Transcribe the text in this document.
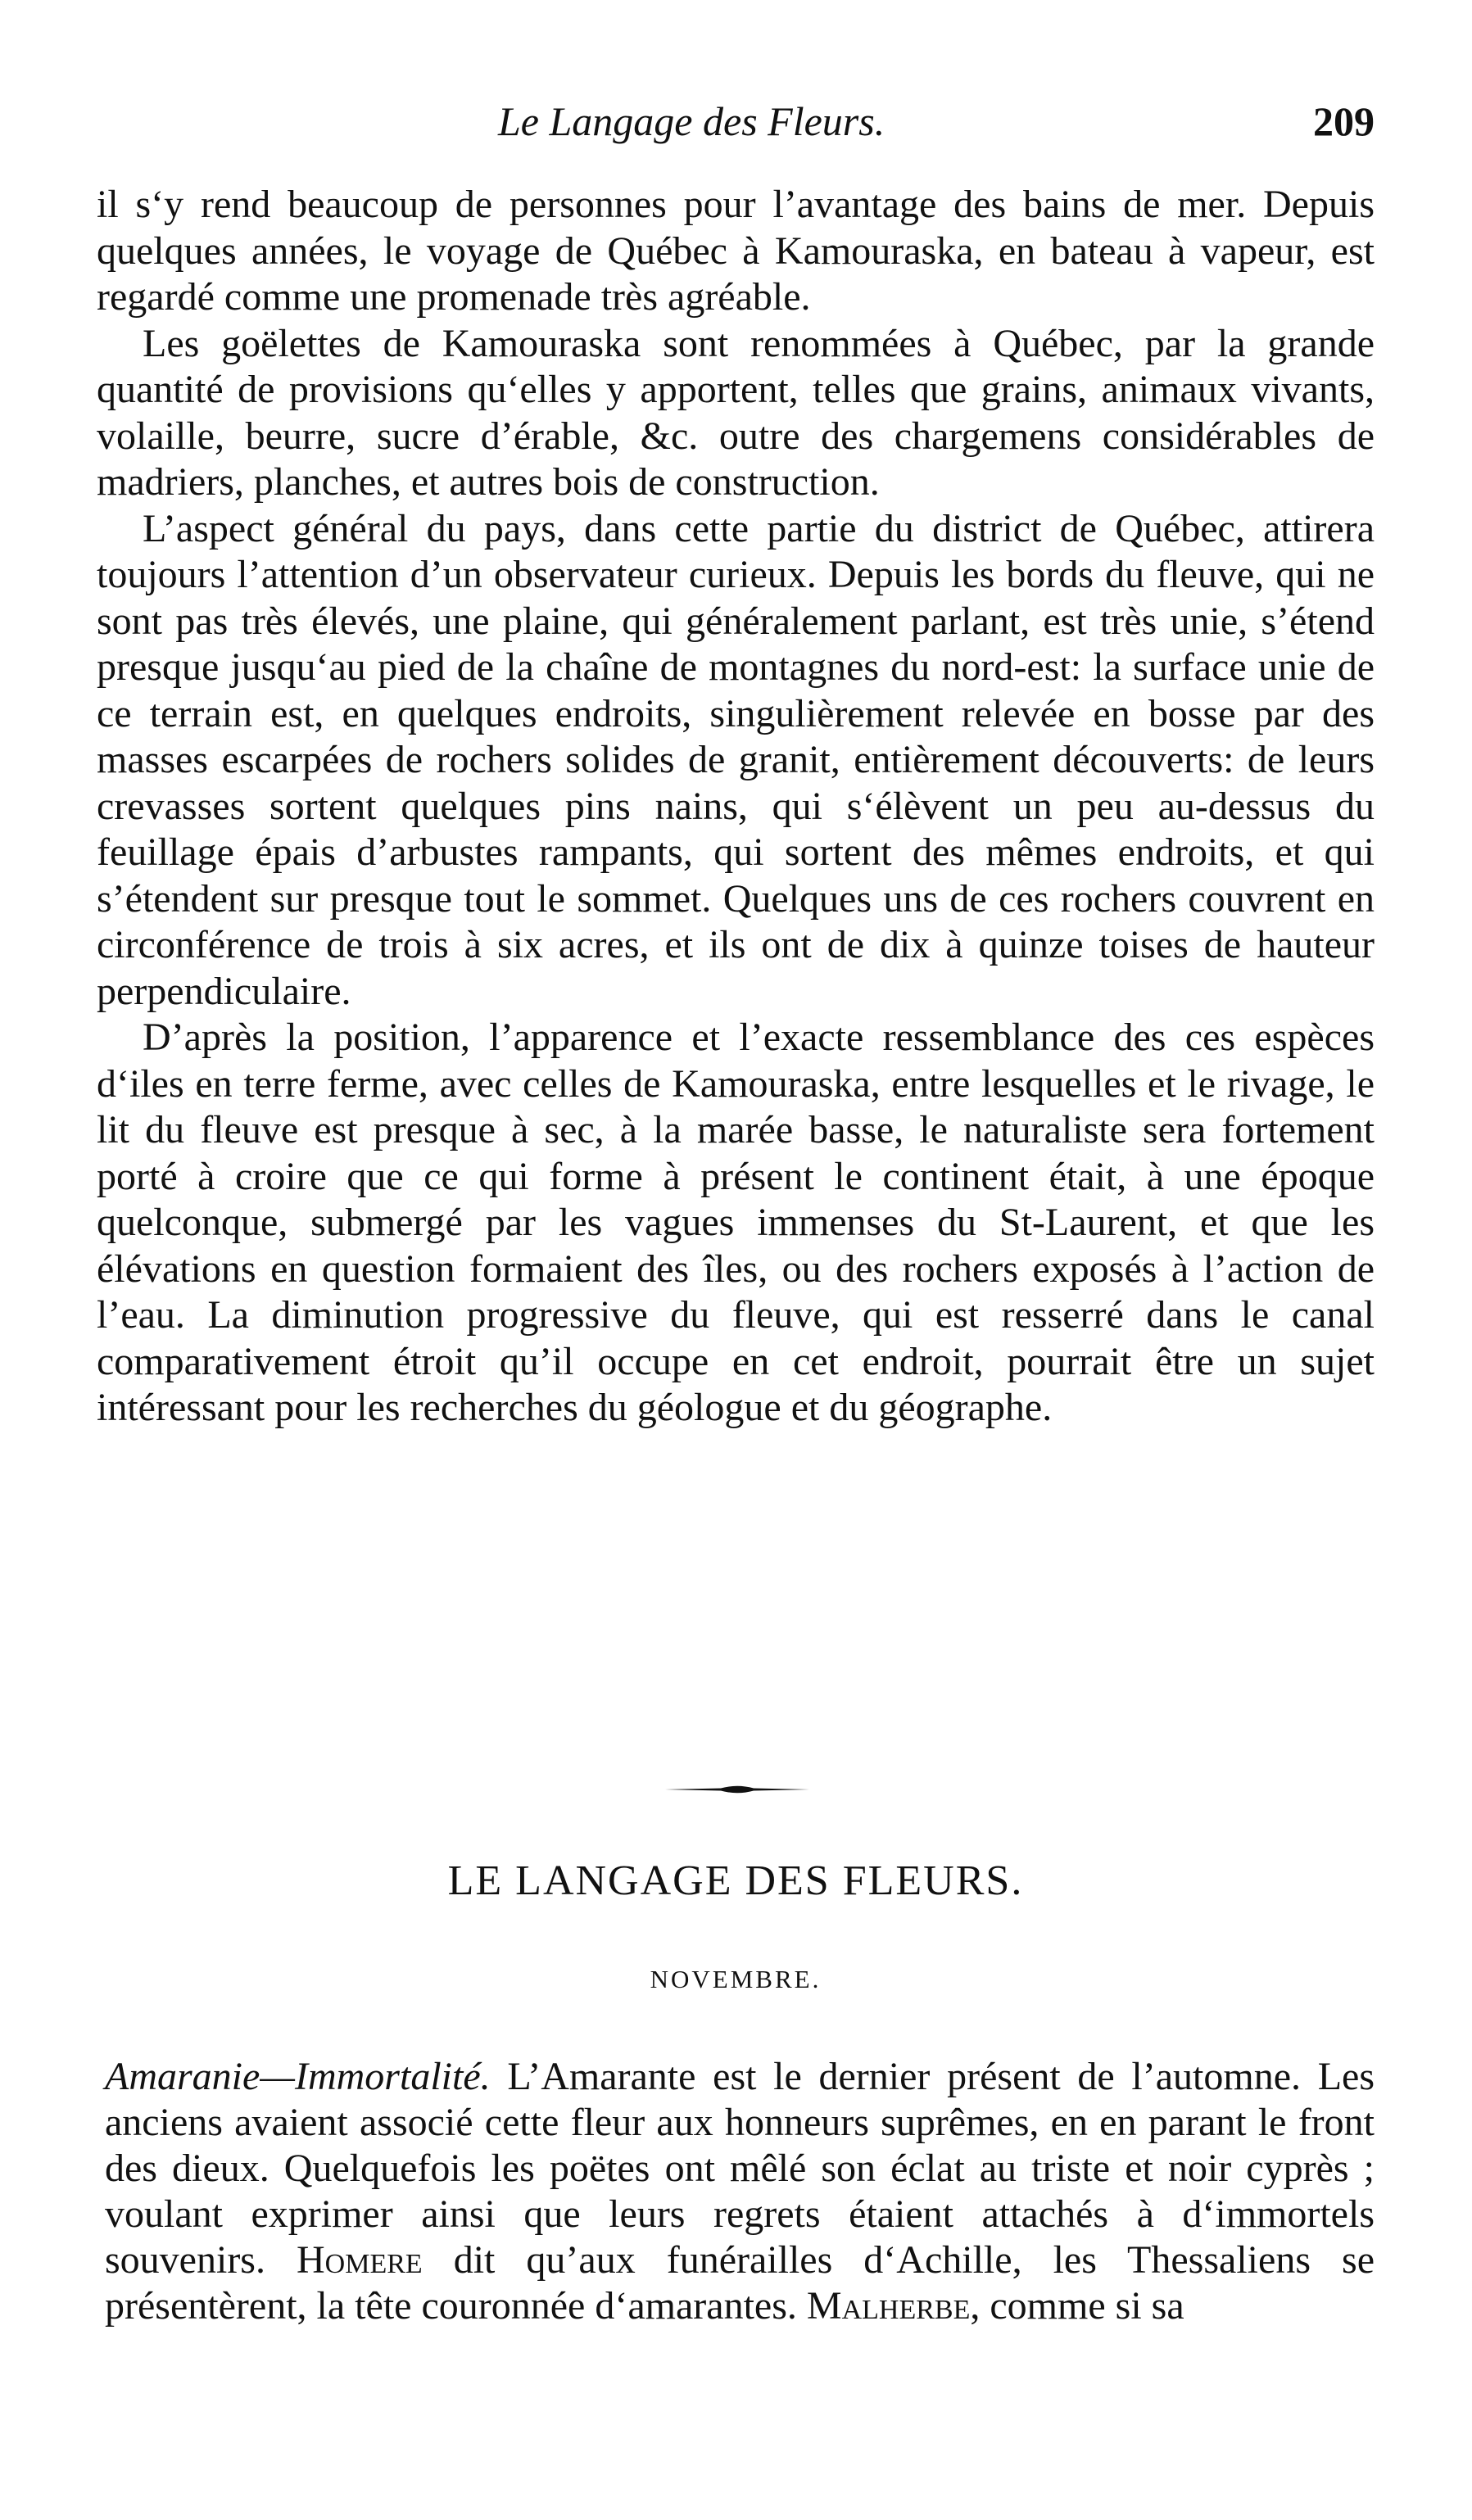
Le Langage des Fleurs.	209

il s‘y rend beaucoup de personnes pour l’avantage des bains de mer. Depuis quelques années, le voyage de Québec à Kamouraska, en bateau à vapeur, est regardé comme une promenade très agréable.

Les goëlettes de Kamouraska sont renommées à Québec, par la grande quantité de provisions qu‘elles y apportent, telles que grains, animaux vivants, volaille, beurre, sucre d’érable, &c. outre des chargemens considérables de madriers, planches, et autres bois de construction.

L’aspect général du pays, dans cette partie du district de Québec, attirera toujours l’attention d’un observateur curieux. Depuis les bords du fleuve, qui ne sont pas très élevés, une plaine, qui généralement parlant, est très unie, s’étend presque jusqu‘au pied de la chaîne de montagnes du nord-est: la surface unie de ce terrain est, en quelques endroits, singulièrement relevée en bosse par des masses escarpées de rochers solides de granit, entièrement découverts: de leurs crevasses sortent quelques pins nains, qui s‘élèvent un peu au-dessus du feuillage épais d’arbustes rampants, qui sortent des mêmes endroits, et qui s’étendent sur presque tout le sommet. Quelques uns de ces rochers couvrent en circonférence de trois à six acres, et ils ont de dix à quinze toises de hauteur perpendiculaire.

D’après la position, l’apparence et l’exacte ressemblance des ces espèces d‘iles en terre ferme, avec celles de Kamouraska, entre lesquelles et le rivage, le lit du fleuve est presque à sec, à la marée basse, le naturaliste sera fortement porté à croire que ce qui forme à présent le continent était, à une époque quelconque, submergé par les vagues immenses du St-Laurent, et que les élévations en question formaient des îles, ou des rochers exposés à l’action de l’eau. La diminution progressive du fleuve, qui est resserré dans le canal comparativement étroit qu’il occupe en cet endroit, pourrait être un sujet intéressant pour les recherches du géologue et du géographe.

LE LANGAGE DES FLEURS.
NOVEMBRE.

Amaranie—Immortalité. L’Amarante est le dernier présent de l’automne. Les anciens avaient associé cette fleur aux honneurs suprêmes, en en parant le front des dieux. Quelquefois les poëtes ont mêlé son éclat au triste et noir cyprès ; voulant exprimer ainsi que leurs regrets étaient attachés à d‘immortels souvenirs. Homere dit qu’aux funérailles d‘Achille, les Thessaliens se présentèrent, la tête couronnée d‘amarantes. Malherbe, comme si sa
